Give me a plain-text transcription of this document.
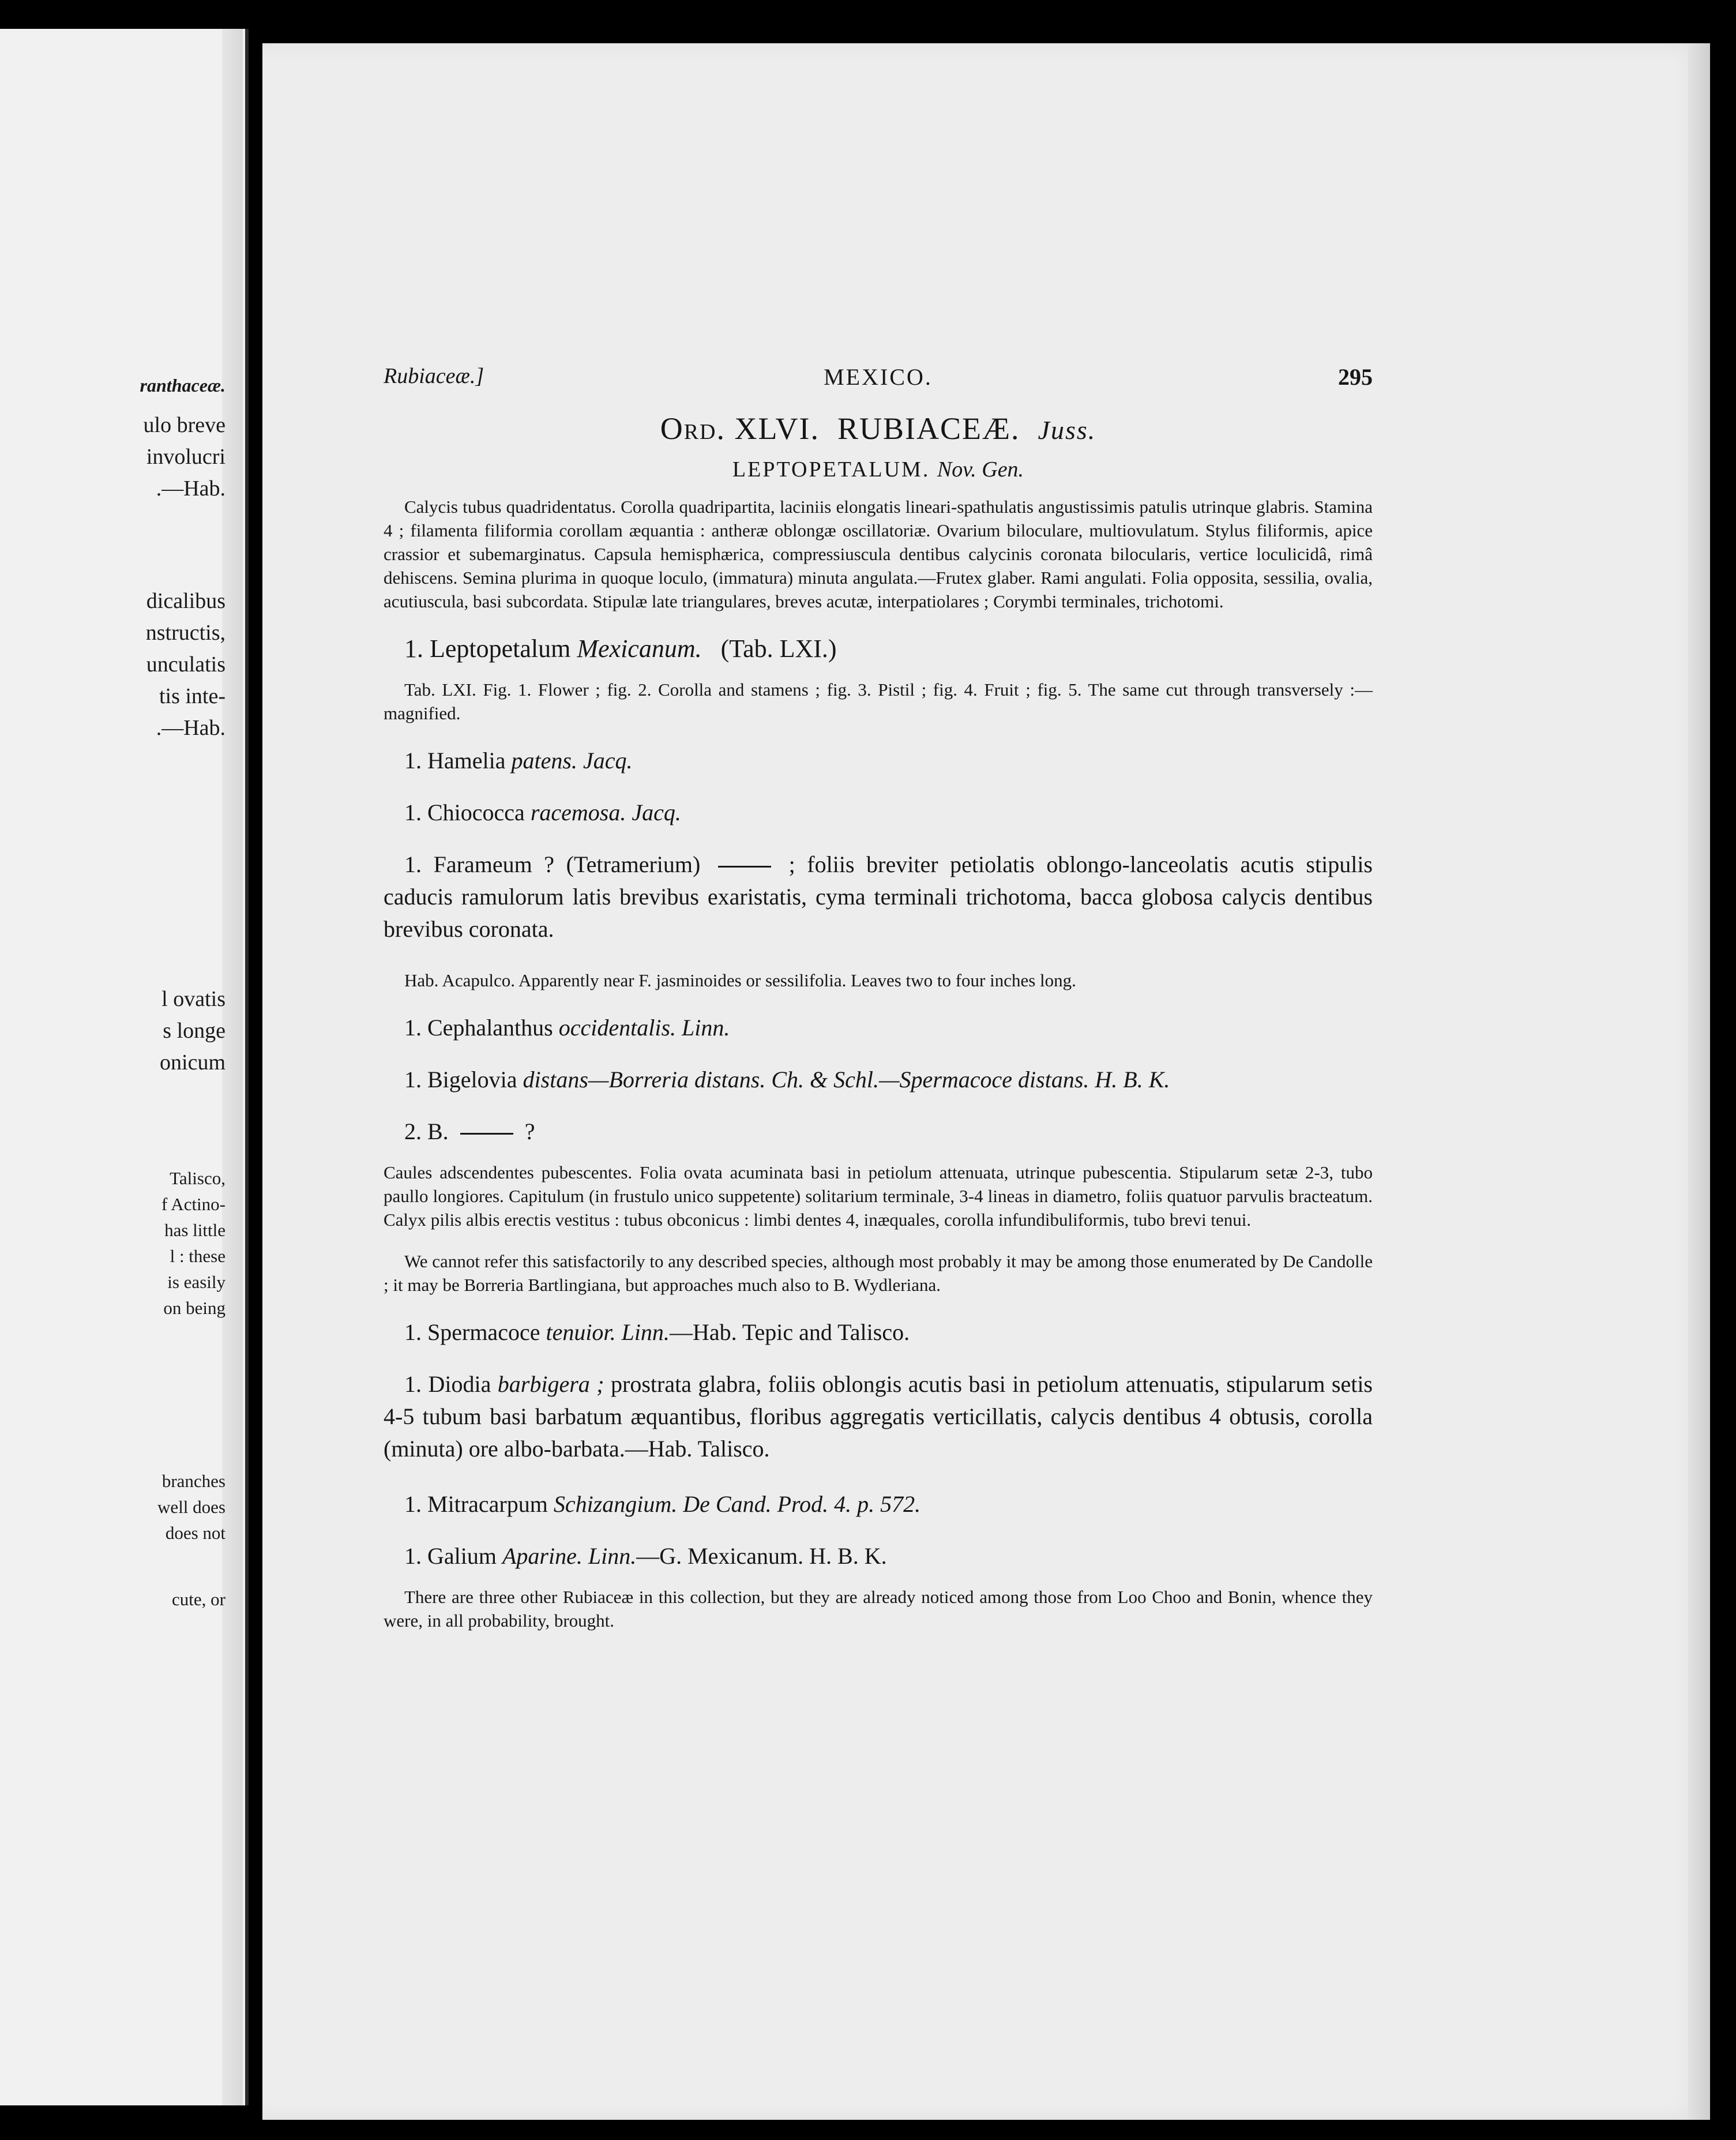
ranthaceæ.
ulo breve
involucri
.—Hab.
dicalibus
nstructis,
unculatis
tis inte-
.—Hab.
l ovatis
s longe
onicum
Talisco,
f Actino-
has little
l : these
is easily
on being
branches
well does
does not
cute, or
Rubiaceæ.]	MEXICO.	295
Ord. XLVI. RUBIACEÆ. Juss.
LEPTOPETALUM. Nov. Gen.

Calycis tubus quadridentatus. Corolla quadripartita, laciniis elongatis lineari-spathulatis angustissimis patulis utrinque glabris. Stamina 4 ; filamenta filiformia corollam æquantia : antheræ oblongæ oscillatoriæ. Ovarium biloculare, multiovulatum. Stylus filiformis, apice crassior et subemarginatus. Capsula hemisphærica, compressiuscula dentibus calycinis coronata bilocularis, vertice loculicidâ, rimâ dehiscens. Semina plurima in quoque loculo, (immatura) minuta angulata.—Frutex glaber. Rami angulati. Folia opposita, sessilia, ovalia, acutiuscula, basi subcordata. Stipulæ late triangulares, breves acutæ, interpatiolares ; Corymbi terminales, trichotomi.

1. Leptopetalum Mexicanum. (Tab. LXI.)

Tab. LXI. Fig. 1. Flower ; fig. 2. Corolla and stamens ; fig. 3. Pistil ; fig. 4. Fruit ; fig. 5. The same cut through transversely :—magnified.

1. Hamelia patens. Jacq.
1. Chiococca racemosa. Jacq.

1. Farameum ? (Tetramerium)	; foliis breviter petiolatis oblongo-lanceolatis acutis stipulis caducis ramulorum latis brevibus exaristatis, cyma terminali trichotoma, bacca globosa calycis dentibus brevibus coronata.

Hab. Acapulco. Apparently near F. jasminoides or sessilifolia. Leaves two to four inches long.

1. Cephalanthus occidentalis. Linn.
1. Bigelovia distans—Borreria distans. Ch. & Schl.—Spermacoce distans. H. B. K.
2. B.	?

Caules adscendentes pubescentes. Folia ovata acuminata basi in petiolum attenuata, utrinque pubescentia. Stipularum setæ 2-3, tubo paullo longiores. Capitulum (in frustulo unico suppetente) solitarium terminale, 3-4 lineas in diametro, foliis quatuor parvulis bracteatum. Calyx pilis albis erectis vestitus : tubus obconicus : limbi dentes 4, inæquales, corolla infundibuliformis, tubo brevi tenui.

We cannot refer this satisfactorily to any described species, although most probably it may be among those enumerated by De Candolle ; it may be Borreria Bartlingiana, but approaches much also to B. Wydleriana.

1. Spermacoce tenuior. Linn.—Hab. Tepic and Talisco.

1. Diodia barbigera ; prostrata glabra, foliis oblongis acutis basi in petiolum attenuatis, stipularum setis 4-5 tubum basi barbatum æquantibus, floribus aggregatis verticillatis, calycis dentibus 4 obtusis, corolla (minuta) ore albo-barbata.—Hab. Talisco.

1. Mitracarpum Schizangium. De Cand. Prod. 4. p. 572.
1. Galium Aparine. Linn.—G. Mexicanum. H. B. K.

There are three other Rubiaceæ in this collection, but they are already noticed among those from Loo Choo and Bonin, whence they were, in all probability, brought.
